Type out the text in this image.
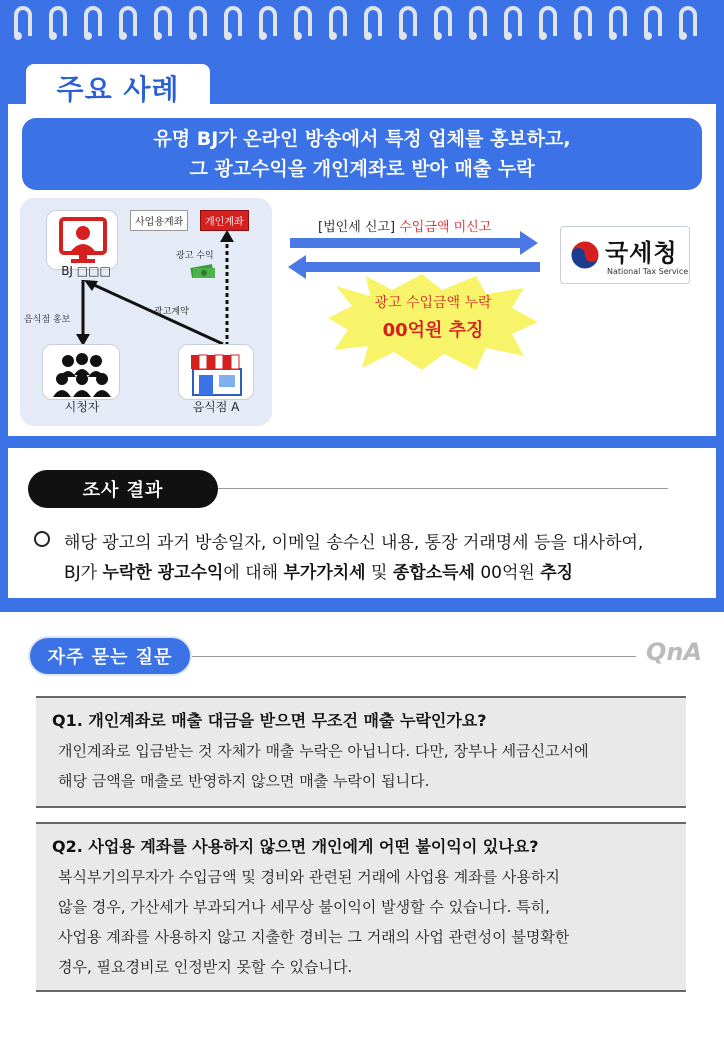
주요 사례
유명 BJ가 온라인 방송에서 특정 업체를 홍보하고,
그 광고수익을 개인계좌로 받아 매출 누락
BJ □□□
사업용계좌	개인계좌
광고 수익
광고계약
음식점 홍보
시청자	음식점 A
[법인세 신고] 수입금액 미신고
국세청
National Tax Service
광고 수입금액 누락
00억원 추징
조사 결과
해당 광고의 과거 방송일자, 이메일 송수신 내용, 통장 거래명세 등을 대사하여,
BJ가 누락한 광고수익에 대해 부가가치세 및 종합소득세 00억원 추징
자주 묻는 질문	QnA
Q1. 개인계좌로 매출 대금을 받으면 무조건 매출 누락인가요?
개인계좌로 입금받는 것 자체가 매출 누락은 아닙니다. 다만, 장부나 세금신고서에
해당 금액을 매출로 반영하지 않으면 매출 누락이 됩니다.
Q2. 사업용 계좌를 사용하지 않으면 개인에게 어떤 불이익이 있나요?
복식부기의무자가 수입금액 및 경비와 관련된 거래에 사업용 계좌를 사용하지
않을 경우, 가산세가 부과되거나 세무상 불이익이 발생할 수 있습니다. 특히,
사업용 계좌를 사용하지 않고 지출한 경비는 그 거래의 사업 관련성이 불명확한
경우, 필요경비로 인정받지 못할 수 있습니다.
